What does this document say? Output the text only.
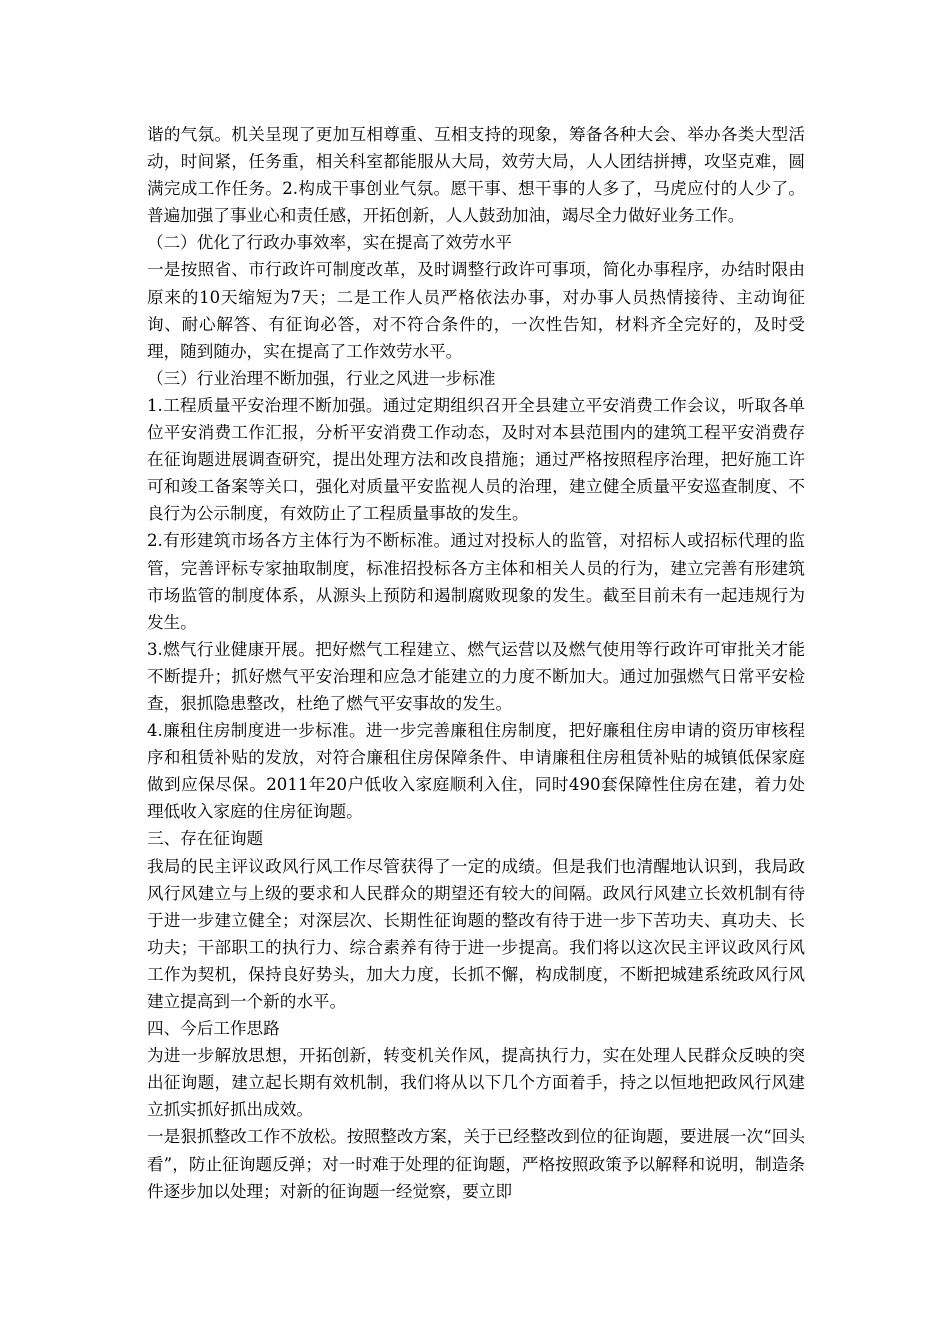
谐的气氛。机关呈现了更加互相尊重、互相支持的现象，筹备各种大会、举办各类大型活动，时间紧，任务重，相关科室都能服从大局，效劳大局，人人团结拼搏，攻坚克难，圆满完成工作任务。2.构成干事创业气氛。愿干事、想干事的人多了，马虎应付的人少了。普遍加强了事业心和责任感，开拓创新，人人鼓劲加油，竭尽全力做好业务工作。

（二）优化了行政办事效率，实在提高了效劳水平

一是按照省、市行政许可制度改革，及时调整行政许可事项，简化办事程序，办结时限由原来的10天缩短为7天；二是工作人员严格依法办事，对办事人员热情接待、主动询征询、耐心解答、有征询必答，对不符合条件的，一次性告知，材料齐全完好的，及时受理，随到随办，实在提高了工作效劳水平。

（三）行业治理不断加强，行业之风进一步标准

1.工程质量平安治理不断加强。通过定期组织召开全县建立平安消费工作会议，听取各单位平安消费工作汇报，分析平安消费工作动态，及时对本县范围内的建筑工程平安消费存在征询题进展调查研究，提出处理方法和改良措施；通过严格按照程序治理，把好施工许可和竣工备案等关口，强化对质量平安监视人员的治理，建立健全质量平安巡查制度、不良行为公示制度，有效防止了工程质量事故的发生。

2.有形建筑市场各方主体行为不断标准。通过对投标人的监管，对招标人或招标代理的监管，完善评标专家抽取制度，标准招投标各方主体和相关人员的行为，建立完善有形建筑市场监管的制度体系，从源头上预防和遏制腐败现象的发生。截至目前未有一起违规行为发生。

3.燃气行业健康开展。把好燃气工程建立、燃气运营以及燃气使用等行政许可审批关才能不断提升；抓好燃气平安治理和应急才能建立的力度不断加大。通过加强燃气日常平安检查，狠抓隐患整改，杜绝了燃气平安事故的发生。

4.廉租住房制度进一步标准。进一步完善廉租住房制度，把好廉租住房申请的资历审核程序和租赁补贴的发放，对符合廉租住房保障条件、申请廉租住房租赁补贴的城镇低保家庭做到应保尽保。2011年20户低收入家庭顺利入住，同时490套保障性住房在建，着力处理低收入家庭的住房征询题。

三、存在征询题

我局的民主评议政风行风工作尽管获得了一定的成绩。但是我们也清醒地认识到，我局政风行风建立与上级的要求和人民群众的期望还有较大的间隔。政风行风建立长效机制有待于进一步建立健全；对深层次、长期性征询题的整改有待于进一步下苦功夫、真功夫、长功夫；干部职工的执行力、综合素养有待于进一步提高。我们将以这次民主评议政风行风工作为契机，保持良好势头，加大力度，长抓不懈，构成制度，不断把城建系统政风行风建立提高到一个新的水平。

四、今后工作思路

为进一步解放思想，开拓创新，转变机关作风，提高执行力，实在处理人民群众反映的突出征询题，建立起长期有效机制，我们将从以下几个方面着手，持之以恒地把政风行风建立抓实抓好抓出成效。

一是狠抓整改工作不放松。按照整改方案，关于已经整改到位的征询题，要进展一次“回头看”，防止征询题反弹；对一时难于处理的征询题，严格按照政策予以解释和说明，制造条件逐步加以处理；对新的征询题一经觉察，要立即
